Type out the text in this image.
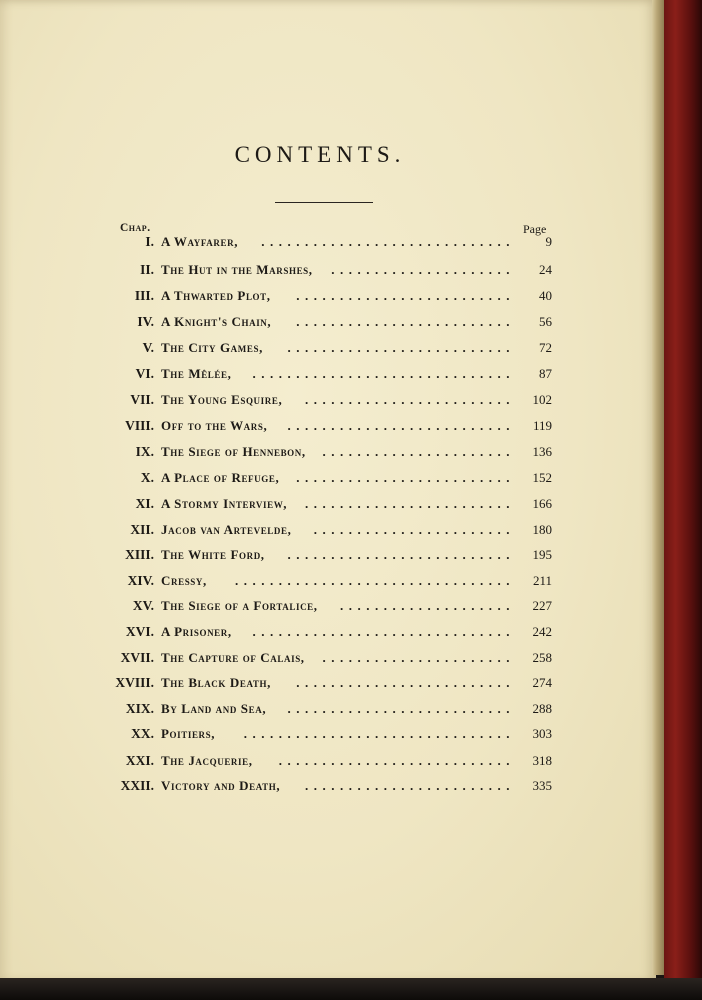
CONTENTS.
Chap.	Page
I. A Wayfarer,	.............................	9
II. The Hut in the Marshes,	.....................	24
III. A Thwarted Plot,	.........................	40
IV. A Knight's Chain,	.........................	56
V. The City Games,	..........................	72
VI. The Mêlée,	..............................	87
VII. The Young Esquire,	........................	102
VIII. Off to the Wars,	..........................	119
IX. The Siege of Hennebon,	......................	136
X. A Place of Refuge,	.........................	152
XI. A Stormy Interview,	........................	166
XII. Jacob van Artevelde,	.......................	180
XIII. The White Ford,	..........................	195
XIV. Cressy,	................................	211
XV. The Siege of a Fortalice,	....................	227
XVI. A Prisoner,	..............................	242
XVII. The Capture of Calais,	......................	258
XVIII. The Black Death,	.........................	274
XIX. By Land and Sea,	..........................	288
XX. Poitiers,	...............................	303
XXI. The Jacquerie,	...........................	318
XXII. Victory and Death,	........................	335
